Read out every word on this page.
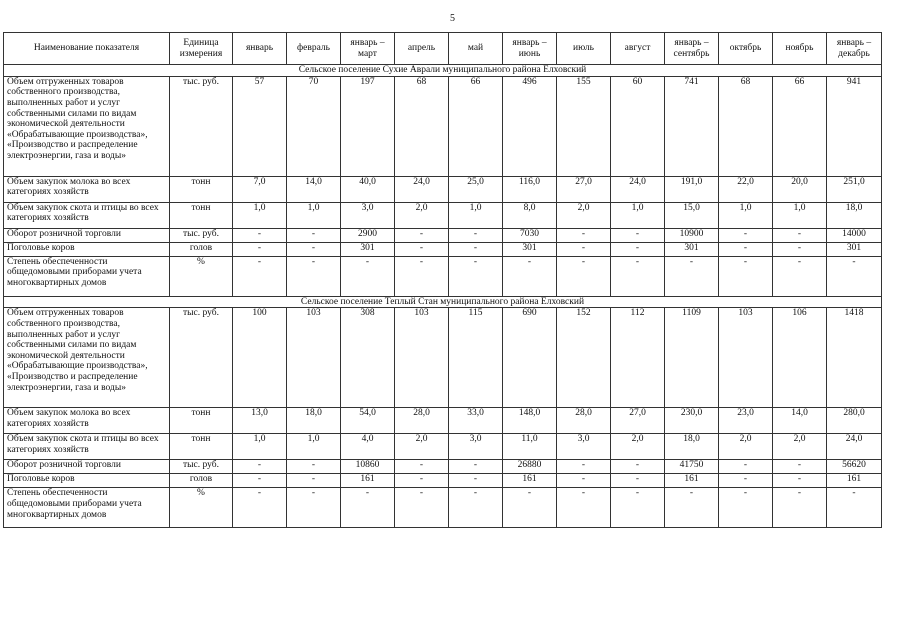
5
Наименование показателя	Единица измерения	январь	февраль	январь – март	апрель	май	январь – июнь	июль	август	январь – сентябрь	октябрь	ноябрь	январь – декабрь
Сельское поселение Сухие Аврали муниципального района Елховский													
Объем отгруженных товаров собственного производства, выполненных работ и услуг собственными силами по видам экономической деятельности «Обрабатывающие производства», «Производство и распределение электроэнергии, газа и воды»	тыс. руб.	57	70	197	68	66	496	155	60	741	68	66	941
Объем закупок молока во всех категориях хозяйств	тонн	7,0	14,0	40,0	24,0	25,0	116,0	27,0	24,0	191,0	22,0	20,0	251,0
Объем закупок скота и птицы во всех категориях хозяйств	тонн	1,0	1,0	3,0	2,0	1,0	8,0	2,0	1,0	15,0	1,0	1,0	18,0
Оборот розничной торговли	тыс. руб.	-	-	2900	-	-	7030	-	-	10900	-	-	14000
Поголовье коров	голов	-	-	301	-	-	301	-	-	301	-	-	301
Степень обеспеченности общедомовыми приборами учета многоквартирных домов	%	-	-	-	-	-	-	-	-	-	-	-	-
Сельское поселение Теплый Стан муниципального района Елховский													
Объем отгруженных товаров собственного производства, выполненных работ и услуг собственными силами по видам экономической деятельности «Обрабатывающие производства», «Производство и распределение электроэнергии, газа и воды»	тыс. руб.	100	103	308	103	115	690	152	112	1109	103	106	1418
Объем закупок молока во всех категориях хозяйств	тонн	13,0	18,0	54,0	28,0	33,0	148,0	28,0	27,0	230,0	23,0	14,0	280,0
Объем закупок скота и птицы во всех категориях хозяйств	тонн	1,0	1,0	4,0	2,0	3,0	11,0	3,0	2,0	18,0	2,0	2,0	24,0
Оборот розничной торговли	тыс. руб.	-	-	10860	-	-	26880	-	-	41750	-	-	56620
Поголовье коров	голов	-	-	161	-	-	161	-	-	161	-	-	161
Степень обеспеченности общедомовыми приборами учета многоквартирных домов	%	-	-	-	-	-	-	-	-	-	-	-	-
